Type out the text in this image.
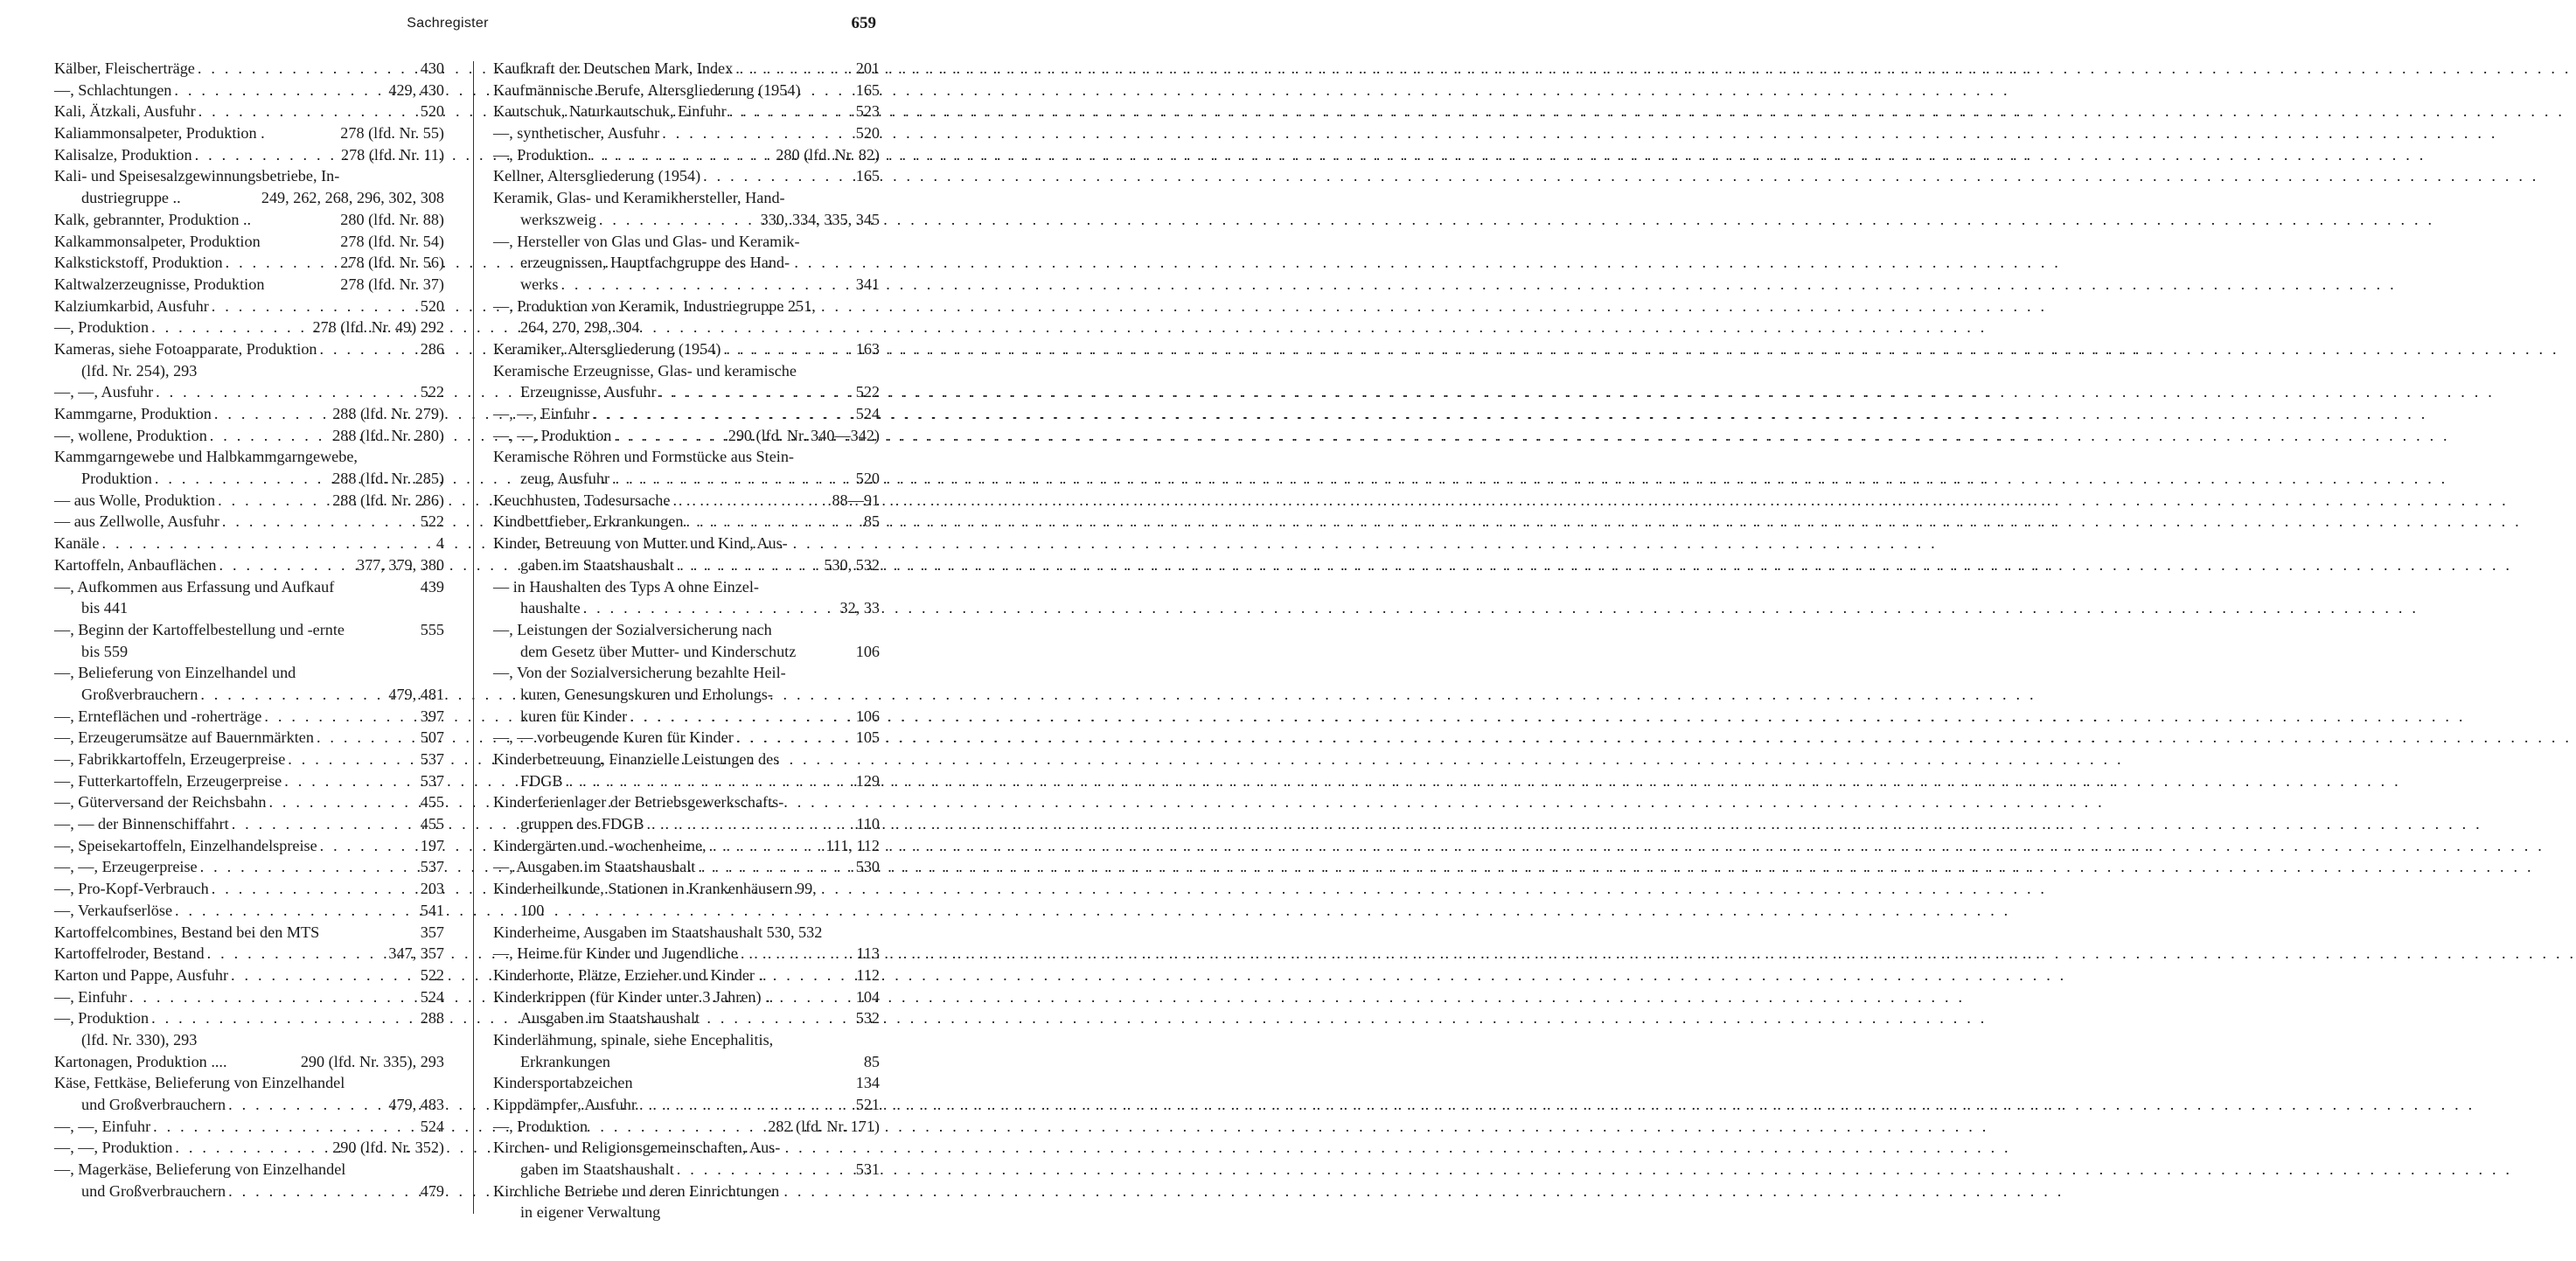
Sachregister	659
Kälber, Fleischerträge . . .	430
—, Schlachtungen . . .	429, 430
Kali, Ätzkali, Ausfuhr . . .	520
Kaliammonsalpeter, Produktion .	278 (lfd. Nr. 55)
Kalisalze, Produktion . . .	278 (lfd. Nr. 11)
Kali- und Speisesalzgewinnungsbetriebe, In-
dustriegruppe ..	249, 262, 268, 296, 302, 308
Kalk, gebrannter, Produktion ..	280 (lfd. Nr. 88)
Kalkammonsalpeter, Produktion	278 (lfd. Nr. 54)
Kalkstickstoff, Produktion . . .	278 (lfd. Nr. 56)
Kaltwalzerzeugnisse, Produktion	278 (lfd. Nr. 37)
Kalziumkarbid, Ausfuhr . . .	520
—, Produktion . . .	278 (lfd. Nr. 49) 292
Kameras, siehe Fotoapparate, Produktion . . .	286
(lfd. Nr. 254), 293
—, —, Ausfuhr . . .	522
Kammgarne, Produktion . . .	288 (lfd. Nr. 279)
—, wollene, Produktion . . .	288 (lfd. Nr. 280)
Kammgarngewebe und Halbkammgarngewebe,
Produktion . . .	288 (lfd. Nr. 285)
— aus Wolle, Produktion . . .	288 (lfd. Nr. 286)
— aus Zellwolle, Ausfuhr . . .	522
Kanäle . . .	4
Kartoffeln, Anbauflächen . . .	377, 379, 380
—, Aufkommen aus Erfassung und Aufkauf	439
bis 441
—, Beginn der Kartoffelbestellung und -ernte	555
bis 559
—, Belieferung von Einzelhandel und
Großverbrauchern . . .	479, 481
—, Ernteflächen und -roherträge . . .	397
—, Erzeugerumsätze auf Bauernmärkten . . .	507
—, Fabrikkartoffeln, Erzeugerpreise . . .	537
—, Futterkartoffeln, Erzeugerpreise . . .	537
—, Güterversand der Reichsbahn . . .	455
—, — der Binnenschiffahrt . . .	455
—, Speisekartoffeln, Einzelhandelspreise . . .	197
—, —, Erzeugerpreise . . .	537
—, Pro-Kopf-Verbrauch . . .	203
—, Verkaufserlöse . . .	541
Kartoffelcombines, Bestand bei den MTS	357
Kartoffelroder, Bestand . . .	347, 357
Karton und Pappe, Ausfuhr . . .	522
—, Einfuhr . . .	524
—, Produktion . . .	288
(lfd. Nr. 330), 293
Kartonagen, Produktion ....	290 (lfd. Nr. 335), 293
Käse, Fettkäse, Belieferung von Einzelhandel
und Großverbrauchern . . .	479, 483
—, —, Einfuhr . . .	524
—, —, Produktion . . .	290 (lfd. Nr. 352)
—, Magerkäse, Belieferung von Einzelhandel
und Großverbrauchern . . .	479
Kaufkraft der Deutschen Mark, Index . . .	201
Kaufmännische Berufe, Altersgliederung (1954)	165
Kautschuk, Naturkautschuk, Einfuhr . . .	523
—, synthetischer, Ausfuhr . . .	520
—, Produktion . . .	280 (lfd. Nr. 82)
Kellner, Altersgliederung (1954) . . .	165
Keramik, Glas- und Keramikhersteller, Hand-
werkszweig . . .	330, 334, 335, 345
—, Hersteller von Glas und Glas- und Keramik-
erzeugnissen, Hauptfachgruppe des Hand-
werks . . .	341
—, Produktion von Keramik, Industriegruppe 251,
264, 270, 298, 304
Keramiker, Altersgliederung (1954) . . .	163
Keramische Erzeugnisse, Glas- und keramische
Erzeugnisse, Ausfuhr . . .	522
—, —, Einfuhr . . .	524
—, —, Produktion . . .	290 (lfd. Nr. 340—342)
Keramische Röhren und Formstücke aus Stein-
zeug, Ausfuhr . . .	520
Keuchhusten, Todesursache . . .	88—91
Kindbettfieber, Erkrankungen . . .	85
Kinder, Betreuung von Mutter und Kind, Aus-
gaben im Staatshaushalt . . .	530, 532
— in Haushalten des Typs A ohne Einzel-
haushalte . . .	32, 33
—, Leistungen der Sozialversicherung nach
dem Gesetz über Mutter- und Kinderschutz	106
—, Von der Sozialversicherung bezahlte Heil-
kuren, Genesungskuren und Erholungs-
kuren für Kinder . . .	106
—, — vorbeugende Kuren für Kinder . . .	105
Kinderbetreuung, Finanzielle Leistungen des
FDGB . . .	129
Kinderferienlager der Betriebsgewerkschafts-
gruppen des FDGB . . .	110
Kindergärten und -wochenheime, . . .	111, 112
—, Ausgaben im Staatshaushalt . . .	530
Kinderheilkunde, Stationen in Krankenhäusern 99,
100
Kinderheime, Ausgaben im Staatshaushalt 530, 532
—, Heime für Kinder und Jugendliche . . .	113
Kinderhorte, Plätze, Erzieher und Kinder ..	112
Kinderkrippen (für Kinder unter 3 Jahren) ..	104
Ausgaben im Staatshaushalt	532
Kinderlähmung, spinale, siehe Encephalitis,
Erkrankungen	85
Kindersportabzeichen	134
Kippdämpfer, Ausfuhr . . .	521
—, Produktion	282 (lfd. Nr. 171)
Kirchen- und Religionsgemeinschaften, Aus-
gaben im Staatshaushalt . . .	531
Kirchliche Betriebe und deren Einrichtungen
in eigener Verwaltung
